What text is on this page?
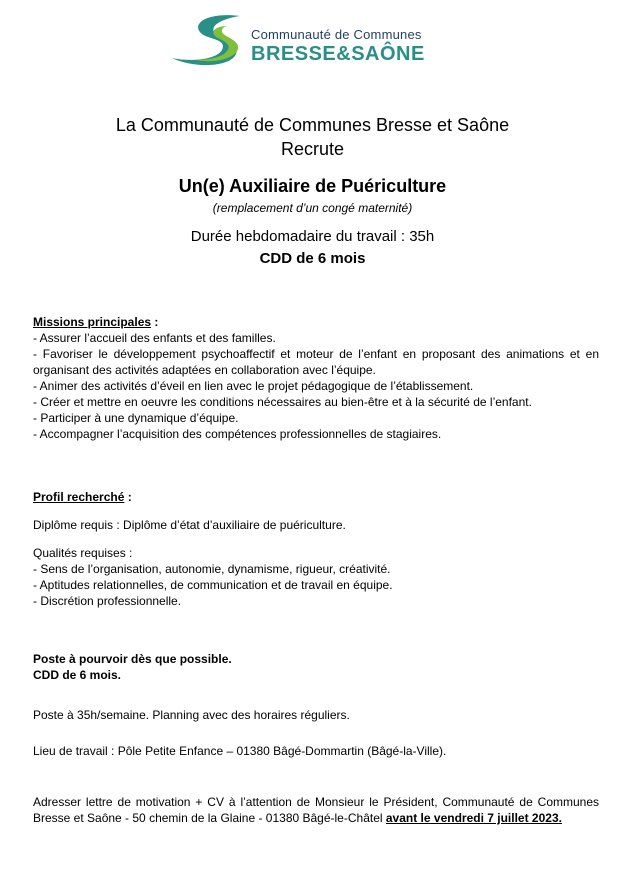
Communauté de Communes
BRESSE&SAÔNE
La Communauté de Communes Bresse et Saône
Recrute
Un(e) Auxiliaire de Puériculture
(remplacement d’un congé maternité)
Durée hebdomadaire du travail : 35h
CDD de 6 mois

Missions principales :

- Assurer l’accueil des enfants et des familles.

- Favoriser le développement psychoaffectif et moteur de l’enfant en proposant des animations et en organisant des activités adaptées en collaboration avec l’équipe.

- Animer des activités d’éveil en lien avec le projet pédagogique de l’établissement.

- Créer et mettre en oeuvre les conditions nécessaires au bien-être et à la sécurité de l’enfant.

- Participer à une dynamique d’équipe.

- Accompagner l’acquisition des compétences professionnelles de stagiaires.

Profil recherché :

Diplôme requis : Diplôme d’état d’auxiliaire de puériculture.

Qualités requises :

- Sens de l’organisation, autonomie, dynamisme, rigueur, créativité.

- Aptitudes relationnelles, de communication et de travail en équipe.

- Discrétion professionnelle.

Poste à pourvoir dès que possible.

CDD de 6 mois.

Poste à 35h/semaine. Planning avec des horaires réguliers.

Lieu de travail : Pôle Petite Enfance – 01380 Bâgé-Dommartin (Bâgé-la-Ville).

Adresser lettre de motivation + CV à l’attention de Monsieur le Président, Communauté de Communes Bresse et Saône - 50 chemin de la Glaine - 01380 Bâgé-le-Châtel avant le vendredi 7 juillet 2023.
